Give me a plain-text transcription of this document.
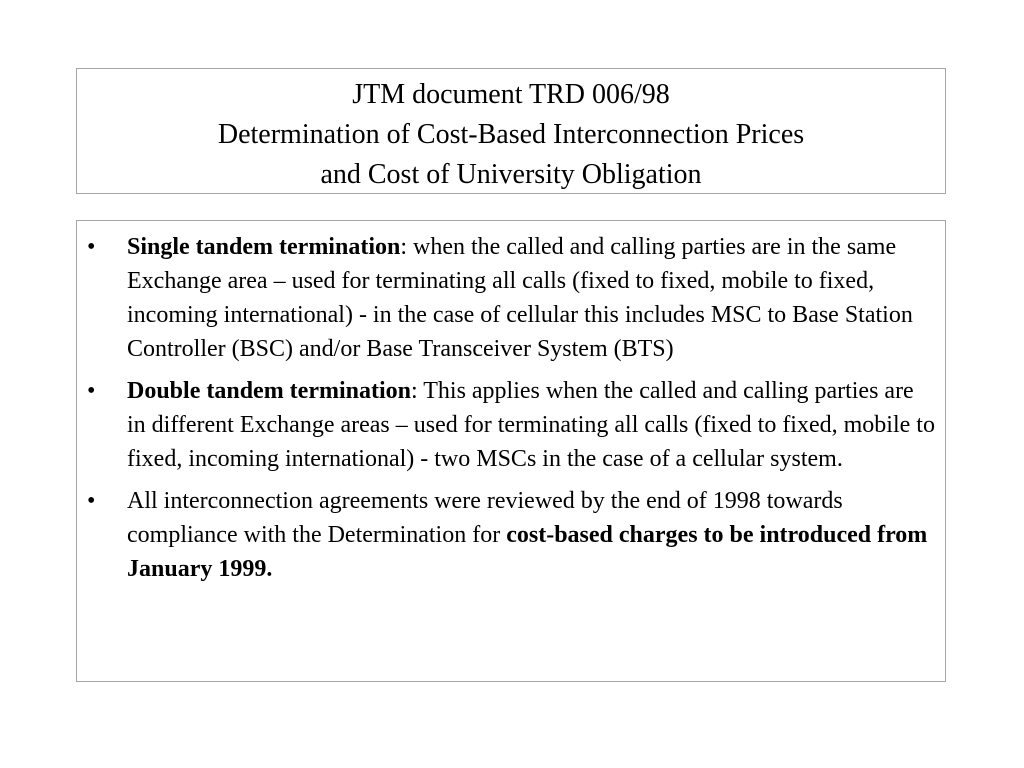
JTM document TRD 006/98
Determination of Cost-Based Interconnection Prices
and Cost of University Obligation
•	Single tandem termination: when the called and calling parties are in the same Exchange area – used for terminating all calls (fixed to fixed, mobile to fixed, incoming international) - in the case of cellular this includes MSC to Base Station Controller (BSC) and/or Base Transceiver System (BTS)
•	Double tandem termination: This applies when the called and calling parties are in different Exchange areas – used for terminating all calls (fixed to fixed, mobile to fixed, incoming international) - two MSCs in the case of a cellular system.
•	All interconnection agreements were reviewed by the end of 1998 towards compliance with the Determination for cost-based charges to be introduced from January 1999.
